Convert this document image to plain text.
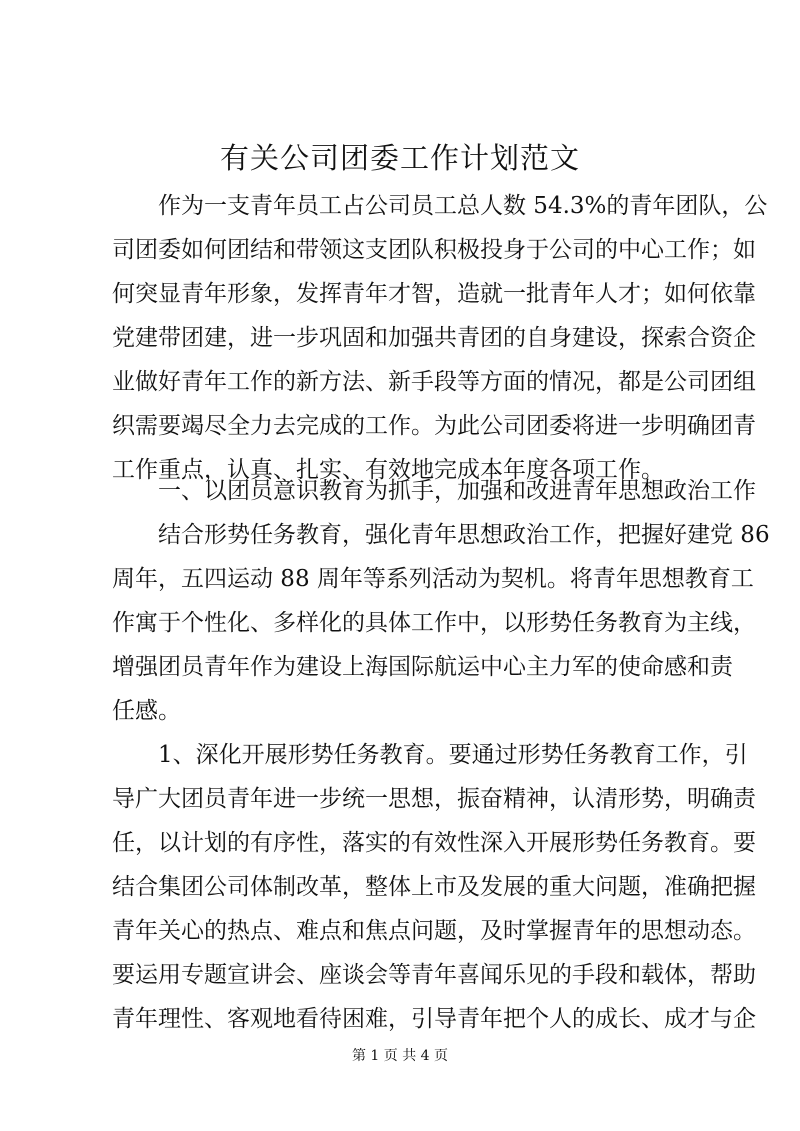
有关公司团委工作计划范文
　　作为一支青年员工占公司员工总人数 54.3%的青年团队，公
司团委如何团结和带领这支团队积极投身于公司的中心工作；如
何突显青年形象，发挥青年才智，造就一批青年人才；如何依靠
党建带团建，进一步巩固和加强共青团的自身建设，探索合资企
业做好青年工作的新方法、新手段等方面的情况，都是公司团组
织需要竭尽全力去完成的工作。为此公司团委将进一步明确团青
工作重点，认真、扎实、有效地完成本年度各项工作。
　　一、以团员意识教育为抓手，加强和改进青年思想政治工作
　　结合形势任务教育，强化青年思想政治工作，把握好建党 86
周年，五四运动 88 周年等系列活动为契机。将青年思想教育工
作寓于个性化、多样化的具体工作中，以形势任务教育为主线，
增强团员青年作为建设上海国际航运中心主力军的使命感和责
任感。
　　1、深化开展形势任务教育。要通过形势任务教育工作，引
导广大团员青年进一步统一思想，振奋精神，认清形势，明确责
任，以计划的有序性，落实的有效性深入开展形势任务教育。要
结合集团公司体制改革，整体上市及发展的重大问题，准确把握
青年关心的热点、难点和焦点问题，及时掌握青年的思想动态。
要运用专题宣讲会、座谈会等青年喜闻乐见的手段和载体，帮助
青年理性、客观地看待困难，引导青年把个人的成长、成才与企
第 1 页 共 4 页
